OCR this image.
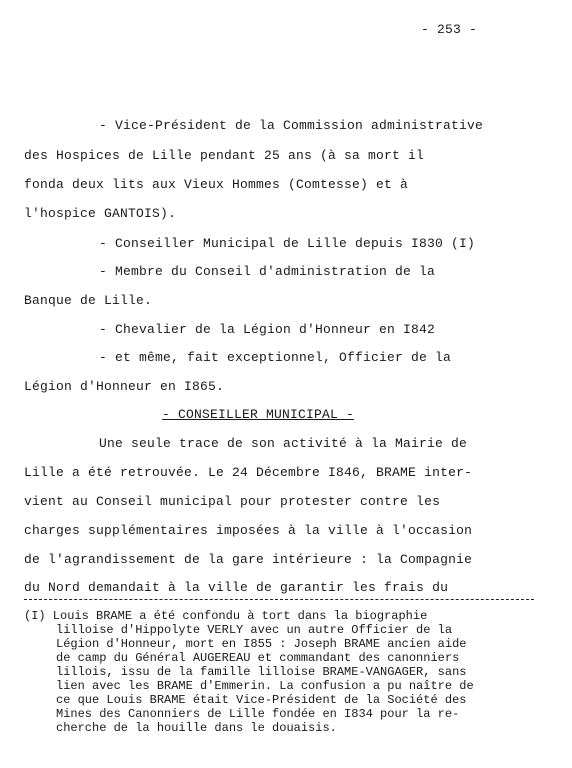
- 253 -
- Vice-Président de la Commission administrative
des Hospices de Lille pendant 25 ans (à sa mort il
fonda deux lits aux Vieux Hommes (Comtesse) et à
l'hospice GANTOIS).
- Conseiller Municipal de Lille depuis I830 (I)
- Membre du Conseil d'administration de la
Banque de Lille.
- Chevalier de la Légion d'Honneur en I842
- et même, fait exceptionnel, Officier de la
Légion d'Honneur en I865.
- CONSEILLER MUNICIPAL -
Une seule trace de son activité à la Mairie de
Lille a été retrouvée. Le 24 Décembre I846, BRAME inter-
vient au Conseil municipal pour protester contre les
charges supplémentaires imposées à la ville à l'occasion
de l'agrandissement de la gare intérieure : la Compagnie
du Nord demandait à la ville de garantir les frais du
(I) Louis BRAME a été confondu à tort dans la biographie
lilloise d'Hippolyte VERLY avec un autre Officier de la
Légion d'Honneur, mort en I855 : Joseph BRAME ancien aide
de camp du Général AUGEREAU et commandant des canonniers
lillois, issu de la famille lilloise BRAME-VANGAGER, sans
lien avec les BRAME d'Emmerin. La confusion a pu naître de
ce que Louis BRAME était Vice-Président de la Société des
Mines des Canonniers de Lille fondée en I834 pour la re-
cherche de la houille dans le douaisis.
